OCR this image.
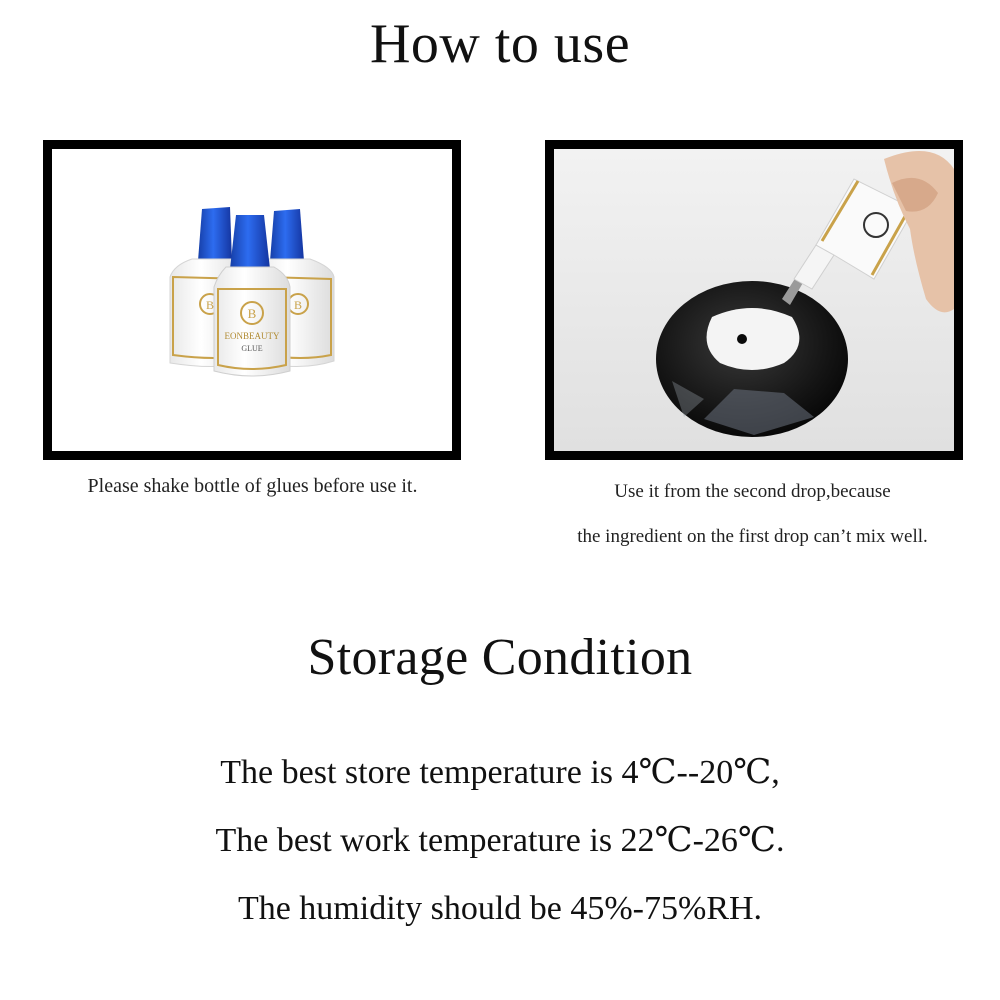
How to use
B	B
B
EONBEAUTY
GLUE
Please shake bottle of glues before use it.	Use it from the second drop,because
the ingredient on the first drop can’t mix well.
Storage Condition
The best store temperature is 4℃--20℃,
The best work temperature is 22℃-26℃.
The humidity should be 45%-75%RH.
